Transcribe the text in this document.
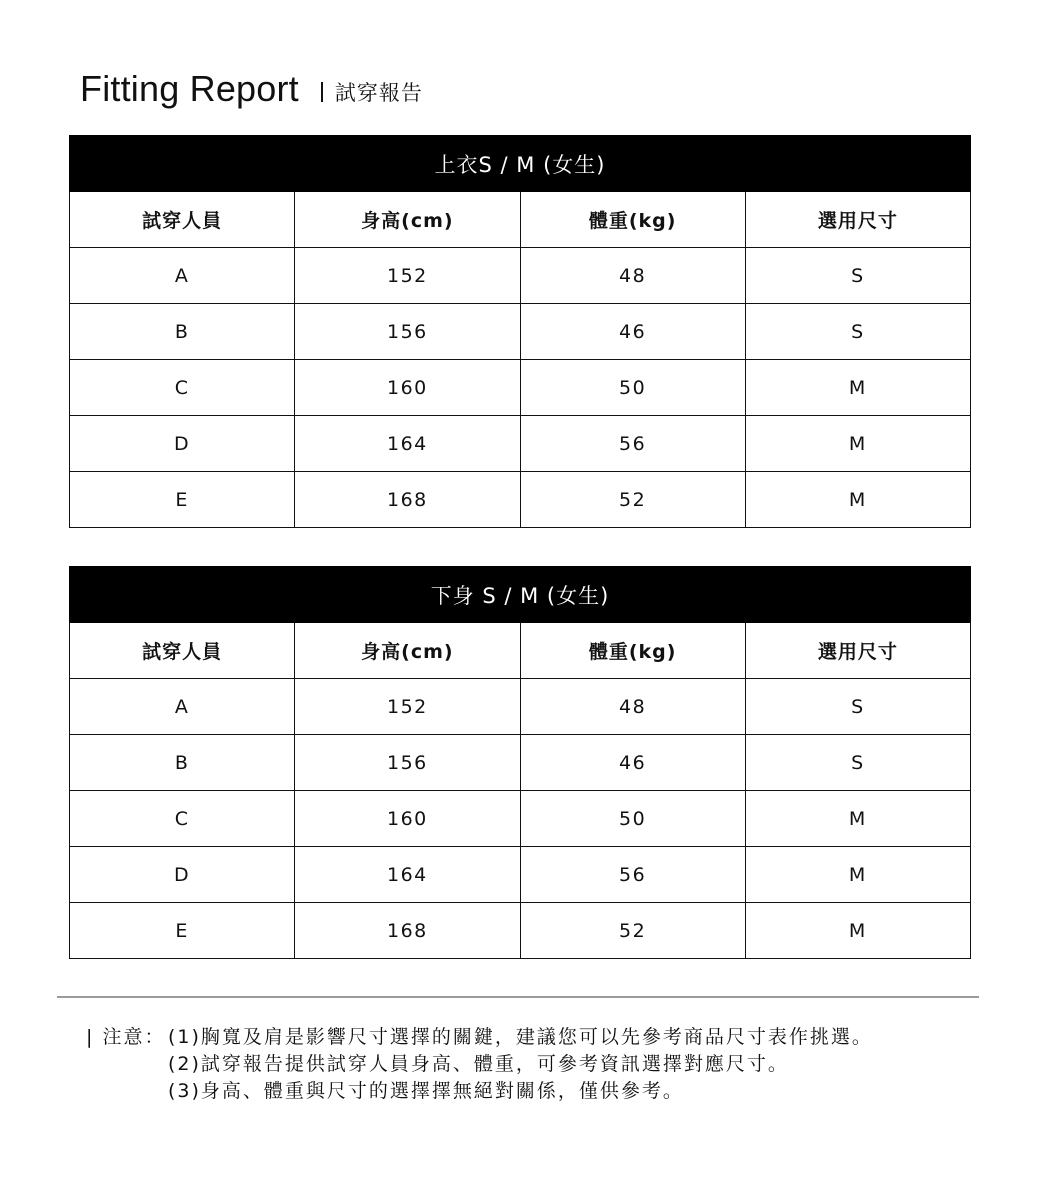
Fitting Report 試穿報告
上衣S / M (女生)			
試穿人員	身高(cm)	體重(kg)	選用尺寸
A	152	48	S
B	156	46	S
C	160	50	M
D	164	56	M
E	168	52	M
下身 S / M (女生)			
試穿人員	身高(cm)	體重(kg)	選用尺寸
A	152	48	S
B	156	46	S
C	160	50	M
D	164	56	M
E	168	52	M
| 注意： (1)胸寬及肩是影響尺寸選擇的關鍵，建議您可以先參考商品尺寸表作挑選。
(2)試穿報告提供試穿人員身高、體重，可參考資訊選擇對應尺寸。
(3)身高、體重與尺寸的選擇擇無絕對關係，僅供參考。
